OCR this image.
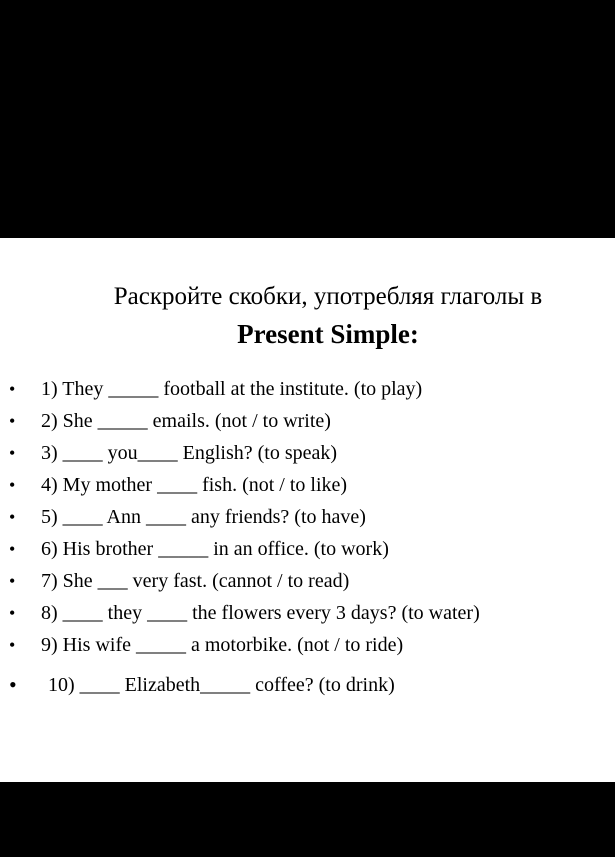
Раскройте скобки, употребляя глаголы в
Present Simple:
• 1) They _____ football at the institute. (to play)
• 2) She _____ emails. (not / to write)
• 3) ____ you____ English? (to speak)
• 4) My mother ____ fish. (not / to like)
• 5) ____ Ann ____ any friends? (to have)
• 6) His brother _____ in an office. (to work)
• 7) She ___ very fast. (cannot / to read)
• 8) ____ they ____ the flowers every 3 days? (to water)
• 9) His wife _____ a motorbike. (not / to ride)
• 10) ____ Elizabeth_____ coffee? (to drink)
